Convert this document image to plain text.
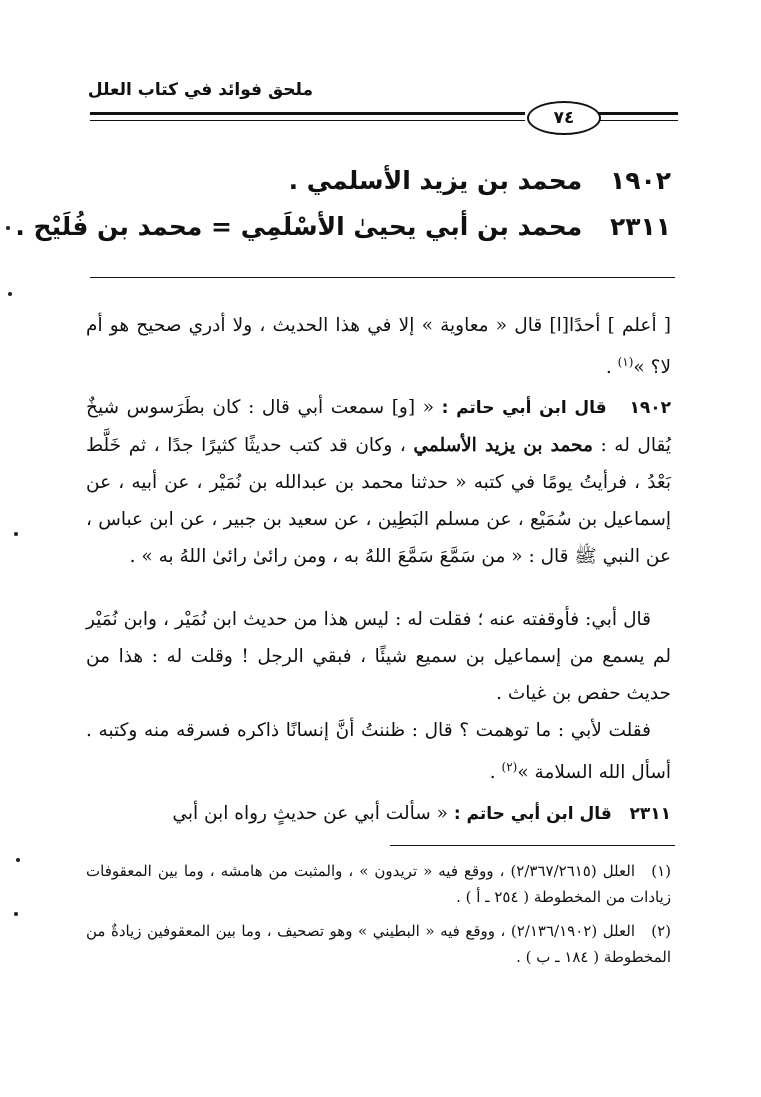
ملحق فوائد في كتاب العلل
٧٤
١٩٠٢ محمد بن يزيد الأسلمي .
٢٣١١ محمد بن أبي يحيىٰ الأسْلَمِي = محمد بن فُلَيْح .
[ أعلم ] أحدًا[ا] قال « معاوية » إلا في هذا الحديث ، ولا أدري صحيح هو أم لا؟ »$^{(١)}$ .
١٩٠٢   قال ابن أبي حاتم : « [و] سمعت أبي قال : كان بطَرَسوس شيخٌ يُقال له : محمد بن يزيد الأسلمي ، وكان قد كتب حديثًا كثيرًا جدًا ، ثم خَلَّط بَعْدُ ، فرأيتُ يومًا في كتبه « حدثنا محمد بن عبدالله بن نُمَيْر ، عن أبيه ، عن إسماعيل بن سُمَيْع ، عن مسلم البَطِين ، عن سعيد بن جبير ، عن ابن عباس ، عن النبي ﷺ قال : « من سَمَّعَ سَمَّعَ اللهُ به ، ومن رائىٰ رائىٰ اللهُ به » .
قال أبي: فأوقفته عنه ؛ فقلت له : ليس هذا من حديث ابن نُمَيْر ، وابن نُمَيْر لم يسمع من إسماعيل بن سميع شيئًا ، فبقي الرجل ! وقلت له : هذا من حديث حفص بن غياث .
فقلت لأبي : ما توهمت ؟ قال : ظننتُ أنَّ إنسانًا ذاكره فسرقه منه وكتبه . أسأل الله السلامة »$^{(٢)}$ .
٢٣١١   قال ابن أبي حاتم : « سألت أبي عن حديثٍ رواه ابن أبي
(١)العلل (٢/٣٦٧/٢٦١٥) ، ووقع فيه « تريدون » ، والمثبت من هامشه ، وما بين المعقوفات زيادات من المخطوطة ( ٢٥٤ ـ أ ) .
(٢)العلل (٢/١٣٦/١٩٠٢) ، ووقع فيه « البطيني » وهو تصحيف ، وما بين المعقوفين زيادةٌ من المخطوطة ( ١٨٤ ـ ب ) .
